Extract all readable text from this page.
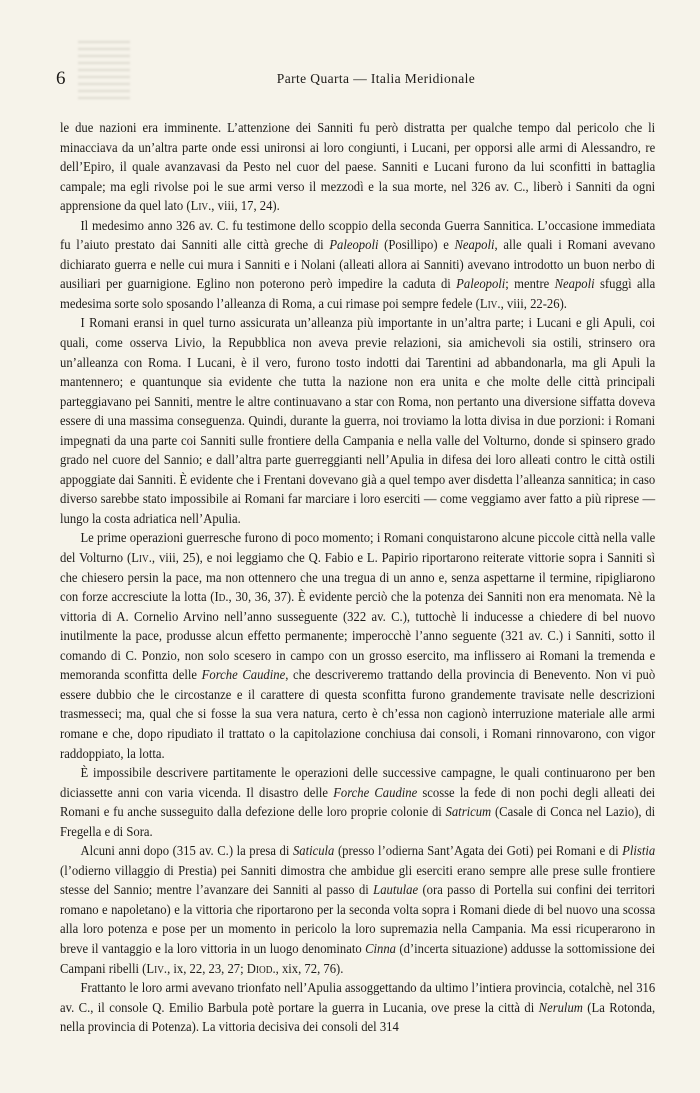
6	Parte Quarta — Italia Meridionale

le due nazioni era imminente. L’attenzione dei Sanniti fu però distratta per qualche tempo dal pericolo che li minacciava da un’altra parte onde essi unironsi ai loro congiunti, i Lucani, per opporsi alle armi di Alessandro, re dell’Epiro, il quale avanzavasi da Pesto nel cuor del paese. Sanniti e Lucani furono da lui sconfitti in battaglia campale; ma egli rivolse poi le sue armi verso il mezzodì e la sua morte, nel 326 av. C., liberò i Sanniti da ogni apprensione da quel lato (Liv., viii, 17, 24).

Il medesimo anno 326 av. C. fu testimone dello scoppio della seconda Guerra Sannitica. L’occasione immediata fu l’aiuto prestato dai Sanniti alle città greche di Paleopoli (Posillipo) e Neapoli, alle quali i Romani avevano dichiarato guerra e nelle cui mura i Sanniti e i Nolani (alleati allora ai Sanniti) avevano introdotto un buon nerbo di ausiliari per guarnigione. Eglino non poterono però impedire la caduta di Paleopoli; mentre Neapoli sfuggì alla medesima sorte solo sposando l’alleanza di Roma, a cui rimase poi sempre fedele (Liv., viii, 22-26).

I Romani eransi in quel turno assicurata un’alleanza più importante in un’altra parte; i Lucani e gli Apuli, coi quali, come osserva Livio, la Repubblica non aveva previe relazioni, sia amichevoli sia ostili, strinsero ora un’alleanza con Roma. I Lucani, è il vero, furono tosto indotti dai Tarentini ad abbandonarla, ma gli Apuli la mantennero; e quantunque sia evidente che tutta la nazione non era unita e che molte delle città principali parteggiavano pei Sanniti, mentre le altre continuavano a star con Roma, non pertanto una diversione siffatta doveva essere di una massima conseguenza. Quindi, durante la guerra, noi troviamo la lotta divisa in due porzioni: i Romani impegnati da una parte coi Sanniti sulle frontiere della Campania e nella valle del Volturno, donde si spinsero grado grado nel cuore del Sannio; e dall’altra parte guerreggianti nell’Apulia in difesa dei loro alleati contro le città ostili appoggiate dai Sanniti. È evidente che i Frentani dovevano già a quel tempo aver disdetta l’alleanza sannitica; in caso diverso sarebbe stato impossibile ai Romani far marciare i loro eserciti — come veggiamo aver fatto a più riprese — lungo la costa adriatica nell’Apulia.

Le prime operazioni guerresche furono di poco momento; i Romani conquistarono alcune piccole città nella valle del Volturno (Liv., viii, 25), e noi leggiamo che Q. Fabio e L. Papirio riportarono reiterate vittorie sopra i Sanniti sì che chiesero persin la pace, ma non ottennero che una tregua di un anno e, senza aspettarne il termine, ripigliarono con forze accresciute la lotta (Id., 30, 36, 37). È evidente perciò che la potenza dei Sanniti non era menomata. Nè la vittoria di A. Cornelio Arvino nell’anno susseguente (322 av. C.), tuttochè li inducesse a chiedere di bel nuovo inutilmente la pace, produsse alcun effetto permanente; imperocchè l’anno seguente (321 av. C.) i Sanniti, sotto il comando di C. Ponzio, non solo scesero in campo con un grosso esercito, ma inflissero ai Romani la tremenda e memoranda sconfitta delle Forche Caudine, che descriveremo trattando della provincia di Benevento. Non vi può essere dubbio che le circostanze e il carattere di questa sconfitta furono grandemente travisate nelle descrizioni trasmesseci; ma, qual che si fosse la sua vera natura, certo è ch’essa non cagionò interruzione materiale alle armi romane e che, dopo ripudiato il trattato o la capitolazione conchiusa dai consoli, i Romani rinnovarono, con vigor raddoppiato, la lotta.

È impossibile descrivere partitamente le operazioni delle successive campagne, le quali continuarono per ben diciassette anni con varia vicenda. Il disastro delle Forche Caudine scosse la fede di non pochi degli alleati dei Romani e fu anche susseguito dalla defezione delle loro proprie colonie di Satricum (Casale di Conca nel Lazio), di Fregella e di Sora.

Alcuni anni dopo (315 av. C.) la presa di Saticula (presso l’odierna Sant’Agata dei Goti) pei Romani e di Plistia (l’odierno villaggio di Prestia) pei Sanniti dimostra che ambidue gli eserciti erano sempre alle prese sulle frontiere stesse del Sannio; mentre l’avanzare dei Sanniti al passo di Lautulae (ora passo di Portella sui confini dei territori romano e napoletano) e la vittoria che riportarono per la seconda volta sopra i Romani diede di bel nuovo una scossa alla loro potenza e pose per un momento in pericolo la loro supremazia nella Campania. Ma essi ricuperarono in breve il vantaggio e la loro vittoria in un luogo denominato Cinna (d’incerta situazione) addusse la sottomissione dei Campani ribelli (Liv., ix, 22, 23, 27; Diod., xix, 72, 76).

Frattanto le loro armi avevano trionfato nell’Apulia assoggettando da ultimo l’intiera provincia, cotalchè, nel 316 av. C., il console Q. Emilio Barbula potè portare la guerra in Lucania, ove prese la città di Nerulum (La Rotonda, nella provincia di Potenza). La vittoria decisiva dei consoli del 314
